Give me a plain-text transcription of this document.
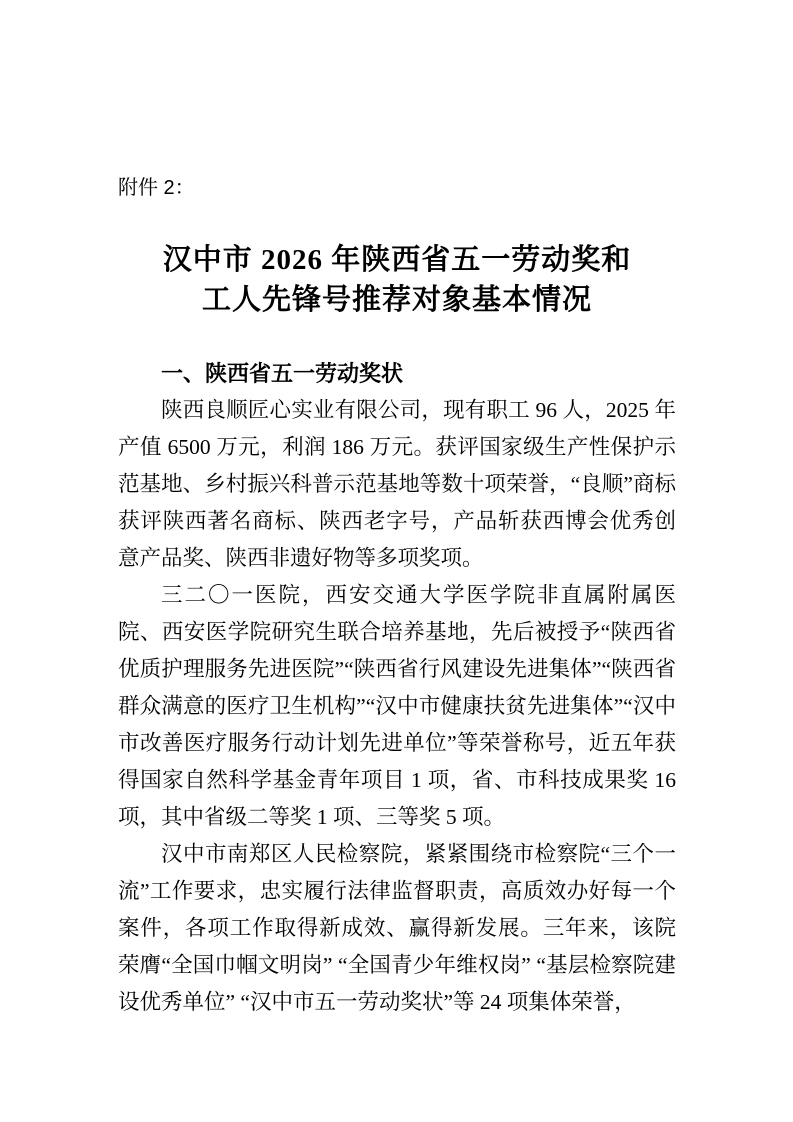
附件 2：
汉中市 2026 年陕西省五一劳动奖和
工人先锋号推荐对象基本情况
一、陕西省五一劳动奖状

陕西良顺匠心实业有限公司，现有职工 96 人，2025 年产值 6500 万元，利润 186 万元。获评国家级生产性保护示范基地、乡村振兴科普示范基地等数十项荣誉，“良顺”商标获评陕西著名商标、陕西老字号，产品斩获西博会优秀创意产品奖、陕西非遗好物等多项奖项。

三二〇一医院，西安交通大学医学院非直属附属医院、西安医学院研究生联合培养基地，先后被授予“陕西省优质护理服务先进医院”“陕西省行风建设先进集体”“陕西省群众满意的医疗卫生机构”“汉中市健康扶贫先进集体”“汉中市改善医疗服务行动计划先进单位”等荣誉称号，近五年获得国家自然科学基金青年项目 1 项，省、市科技成果奖 16 项，其中省级二等奖 1 项、三等奖 5 项。

汉中市南郑区人民检察院，紧紧围绕市检察院“三个一流”工作要求，忠实履行法律监督职责，高质效办好每一个案件，各项工作取得新成效、赢得新发展。三年来，该院荣膺“全国巾帼文明岗” “全国青少年维权岗” “基层检察院建设优秀单位” “汉中市五一劳动奖状”等 24 项集体荣誉，
